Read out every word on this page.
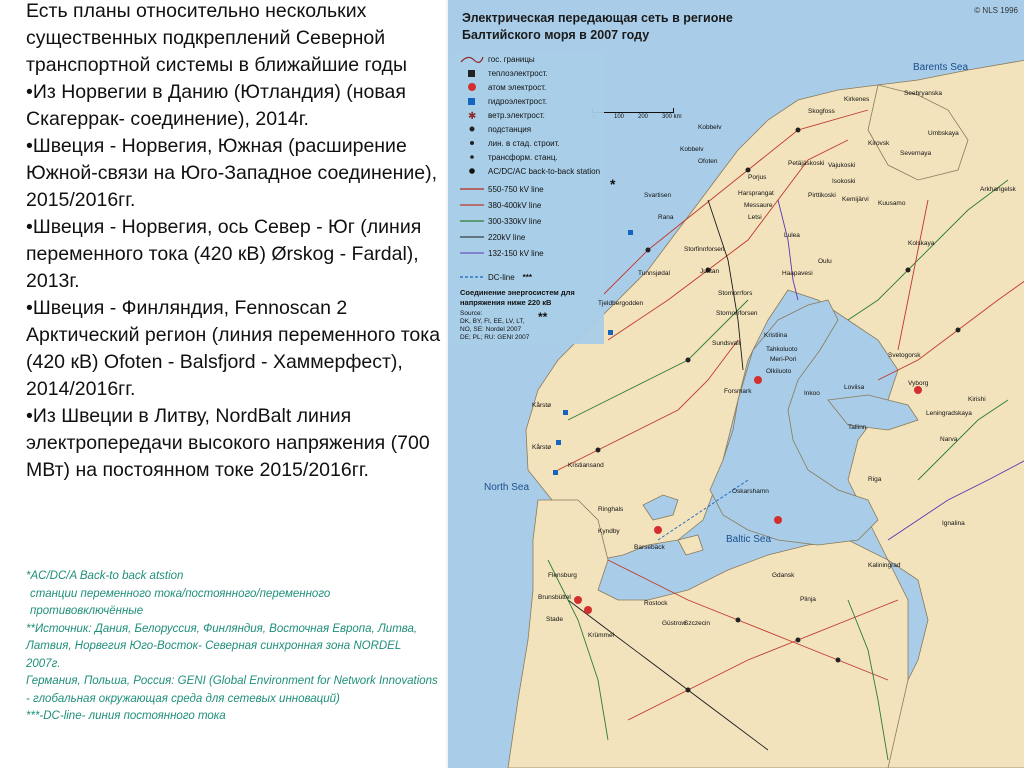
Есть планы относительно нескольких существенных подкреплений Северной транспортной системы в ближайшие годы

•Из Норвегии в Данию (Ютландия) (новая Скагеррак- соединение), 2014г.

•Швеция - Норвегия, Южная (расширение Южной-связи на Юго-Западное соединение), 2015/2016гг.

•Швеция - Норвегия, ось Север - Юг (линия переменного тока (420 кВ) Ørskog - Fardal), 2013г.

•Швеция - Финляндия, Fennoscan 2 Арктический регион (линия переменного тока (420 кВ) Ofoten - Balsfjord - Хаммерфест), 2014/2016гг.

•Из Швеции в Литву, NordBalt линия электропередачи высокого напряжения (700 МВт) на постоянном токе 2015/2016гг.

*AC/DC/A Back-to back atstion

станции переменного тока/постоянного/переменного противовключённые

**Источник: Дания, Белоруссия, Финляндия, Восточная Европа, Литва, Латвия, Норвегия Юго-Восток- Северная синхронная зона NORDEL 2007г.

Германия, Польша, Россия: GENI (Global Environment for Network Innovations - глобальная окружающая среда для сетевых инноваций)

***-DC-line- линия постоянного тока

Электрическая передающая сеть в регионе
Балтийского моря в 2007 году
© NLS 1996
100 200 300 km
Barents Sea
North Sea
Baltic Sea
гос. границы
теплоэлектрост.
атом электрост.
гидроэлектрост.
✱ ветр.электрост.
подстанция
лин. в стад. строит.
трансформ. станц.
AC/DC/AC back-to-back station
550-750 kV line
380-400kV line
300-330kV line
220kV line
132-150 kV line
DC-line ***
Соединение энергосистем для напряжения ниже 220 кВ
Source:
DK, BY, FI, EE, LV, LT,
NO, SE: Nordel 2007
DE; PL; RU: GENI 2007
*
**
Kirkenes
Skogfoss
Seebryanska
Umbskaya
Severnaya
Kirovsk
Harsprangat
Messaure
Letsi
Petäjäskoski Vajukoski
Isokoski
Pirttikoski
Kuusamo
Arkhangelsk
Kemijärvi
Svartisen
Kobbelv
Ofoten
Rana
Lulea
Oulu
Kolskaya
Haapavesi
Kristiina
Tahkoluoto
Meri-Pori
Olkiluoto
Inkoo
Loviisa
Svetogorsk
Vyborg
Kirishi
Leningradskaya
Tallinn
Narva
Forsmark
Oskarshamn
Ringhals
Barsebäck
Riga
Ignalina
Kaliningrad
Kyndby
Flensburg
Brunsbüttel
Stade
Krümmel
Rostock
Güstrow
Szczecin
Gdansk
Plinja
Tjeldbergodden
Kårstø
Kristiansand
Kårstø
Storfinnforsen
Juktan
Stornorrfors
Porjus
Kobbelv
Stornorrforsen
Sundsvall
Tunnsjødal
